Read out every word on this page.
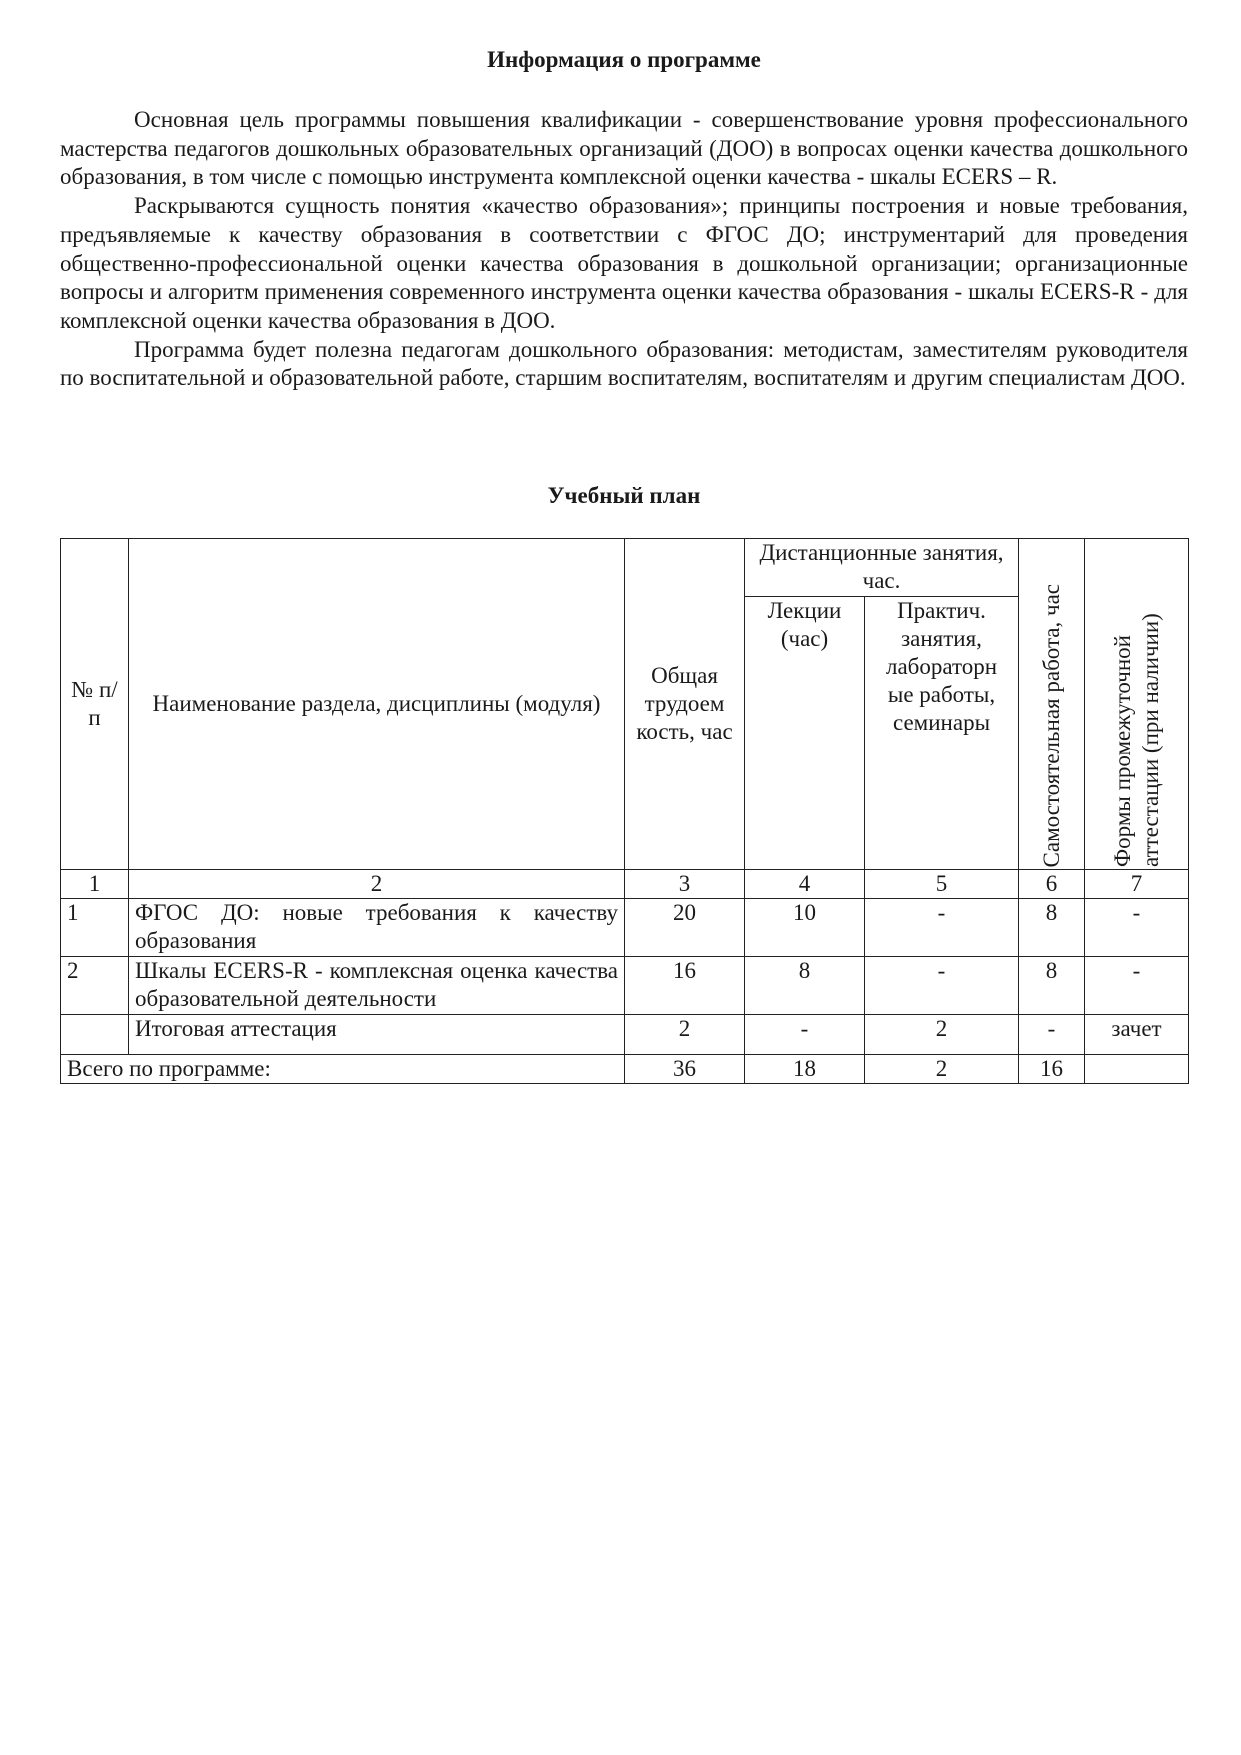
Информация о программе

Основная цель программы повышения квалификации - совершенствование уровня профессионального мастерства педагогов дошкольных образовательных организаций (ДОО) в вопросах оценки качества дошкольного образования, в том числе с помощью инструмента комплексной оценки качества - шкалы ECERS – R.

Раскрываются сущность понятия «качество образования»; принципы построения и новые требования, предъявляемые к качеству образования в соответствии с ФГОС ДО; инструментарий для проведения общественно-профессиональной оценки качества образования в дошкольной организации; организационные вопросы и алгоритм применения современного инструмента оценки качества образования - шкалы ECERS-R - для комплексной оценки качества образования в ДОО.

Программа будет полезна педагогам дошкольного образования: методистам, заместителям руководителя по воспитательной и образовательной работе, старшим воспитателям, воспитателям и другим специалистам ДОО.

Учебный план
№ п/п	Наименование раздела, дисциплины (модуля)	Общая трудоем кость, час	Дистанционные занятия, час.		Самостоятельная работа, час	Формы промежуточной аттестации (при наличии)

			Лекции (час)	Практич. занятия, лабораторн ые работы, семинары		
1	2	3	4	5	6	7
1	ФГОС ДО: новые требования к качеству образования	20	10	-	8	-
2	Шкалы ECERS-R - комплексная оценка качества образовательной деятельности	16	8	-	8	-
	Итоговая аттестация	2	-	2	-	зачет
Всего по программе:		36	18	2	16	
